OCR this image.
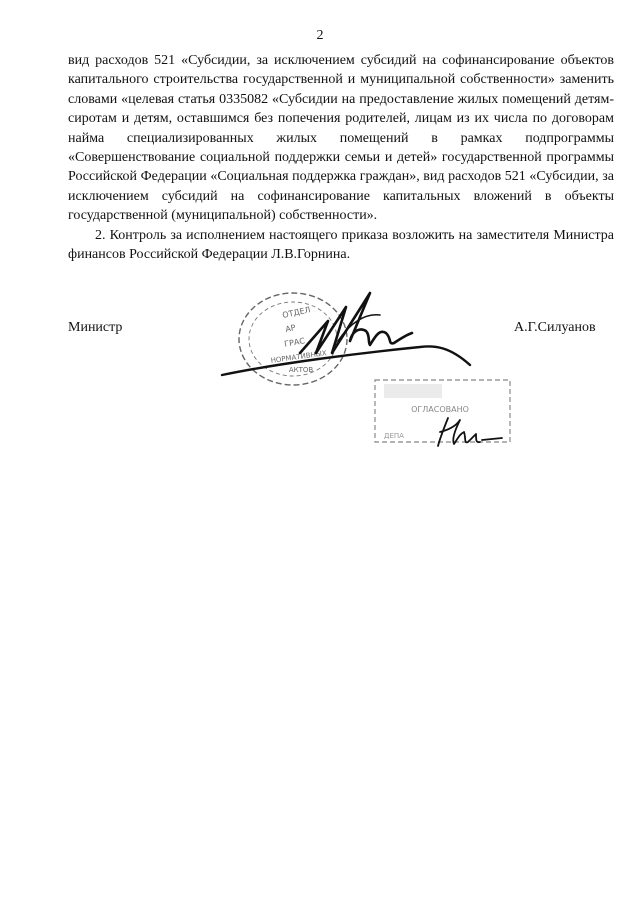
2

вид расходов 521 «Субсидии, за исключением субсидий на софинансирование объектов капитального строительства государственной и муниципальной собственности» заменить словами «целевая статья 0335082 «Субсидии на предоставление жилых помещений детям-сиротам и детям, оставшимся без попечения родителей, лицам из их числа по договорам найма специализированных жилых помещений в рамках подпрограммы «Совершенствование социальной поддержки семьи и детей» государственной программы Российской Федерации «Социальная поддержка граждан», вид расходов 521 «Субсидии, за исключением субсидий на софинансирование капитальных вложений в объекты государственной (муниципальной) собственности».

2. Контроль за исполнением настоящего приказа возложить на заместителя Министра финансов Российской Федерации Л.В.Горнина.

Министр	А.Г.Силуанов
ОТДЕЛ
АР
ГРАС
НОРМАТИВНЫХ
АКТОВ
ОГЛАСОВАНО
ДЕПА
